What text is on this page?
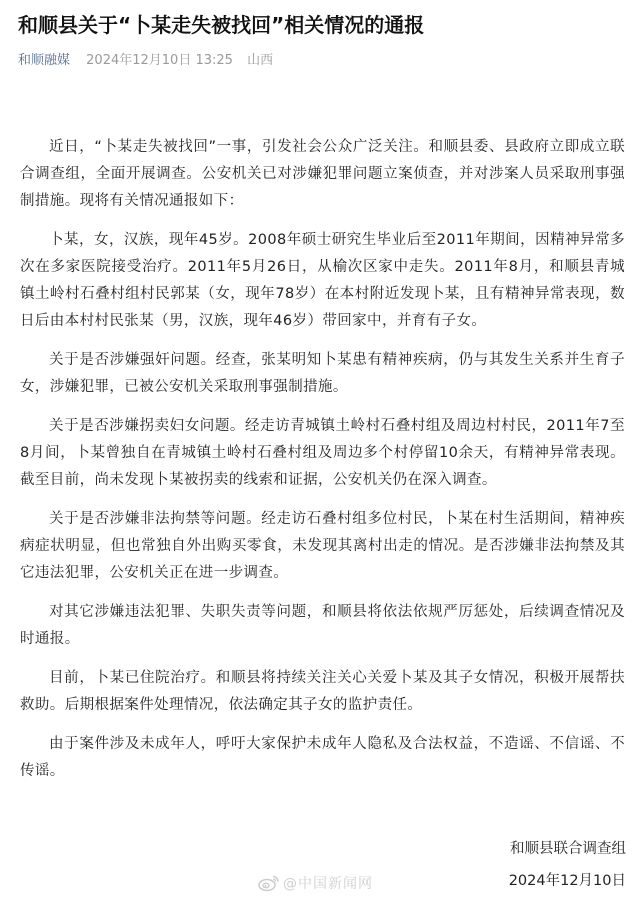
和顺县关于“卜某走失被找回”相关情况的通报
和顺融媒 2024年12月10日 13:25 山西

近日，“卜某走失被找回”一事，引发社会公众广泛关注。和顺县委、县政府立即成立联合调查组，全面开展调查。公安机关已对涉嫌犯罪问题立案侦查，并对涉案人员采取刑事强制措施。现将有关情况通报如下：

卜某，女，汉族，现年45岁。2008年硕士研究生毕业后至2011年期间，因精神异常多次在多家医院接受治疗。2011年5月26日，从榆次区家中走失。2011年8月，和顺县青城镇土岭村石叠村组村民郭某（女，现年78岁）在本村附近发现卜某，且有精神异常表现，数日后由本村村民张某（男，汉族，现年46岁）带回家中，并育有子女。

关于是否涉嫌强奸问题。经查，张某明知卜某患有精神疾病，仍与其发生关系并生育子女，涉嫌犯罪，已被公安机关采取刑事强制措施。

关于是否涉嫌拐卖妇女问题。经走访青城镇土岭村石叠村组及周边村村民，2011年7至8月间，卜某曾独自在青城镇土岭村石叠村组及周边多个村停留10余天，有精神异常表现。截至目前，尚未发现卜某被拐卖的线索和证据，公安机关仍在深入调查。

关于是否涉嫌非法拘禁等问题。经走访石叠村组多位村民，卜某在村生活期间，精神疾病症状明显，但也常独自外出购买零食，未发现其离村出走的情况。是否涉嫌非法拘禁及其它违法犯罪，公安机关正在进一步调查。

对其它涉嫌违法犯罪、失职失责等问题，和顺县将依法依规严厉惩处，后续调查情况及时通报。

目前，卜某已住院治疗。和顺县将持续关注关心关爱卜某及其子女情况，积极开展帮扶救助。后期根据案件处理情况，依法确定其子女的监护责任。

由于案件涉及未成年人，呼吁大家保护未成年人隐私及合法权益，不造谣、不信谣、不传谣。

和顺县联合调查组
@中国新闻网	2024年12月10日
